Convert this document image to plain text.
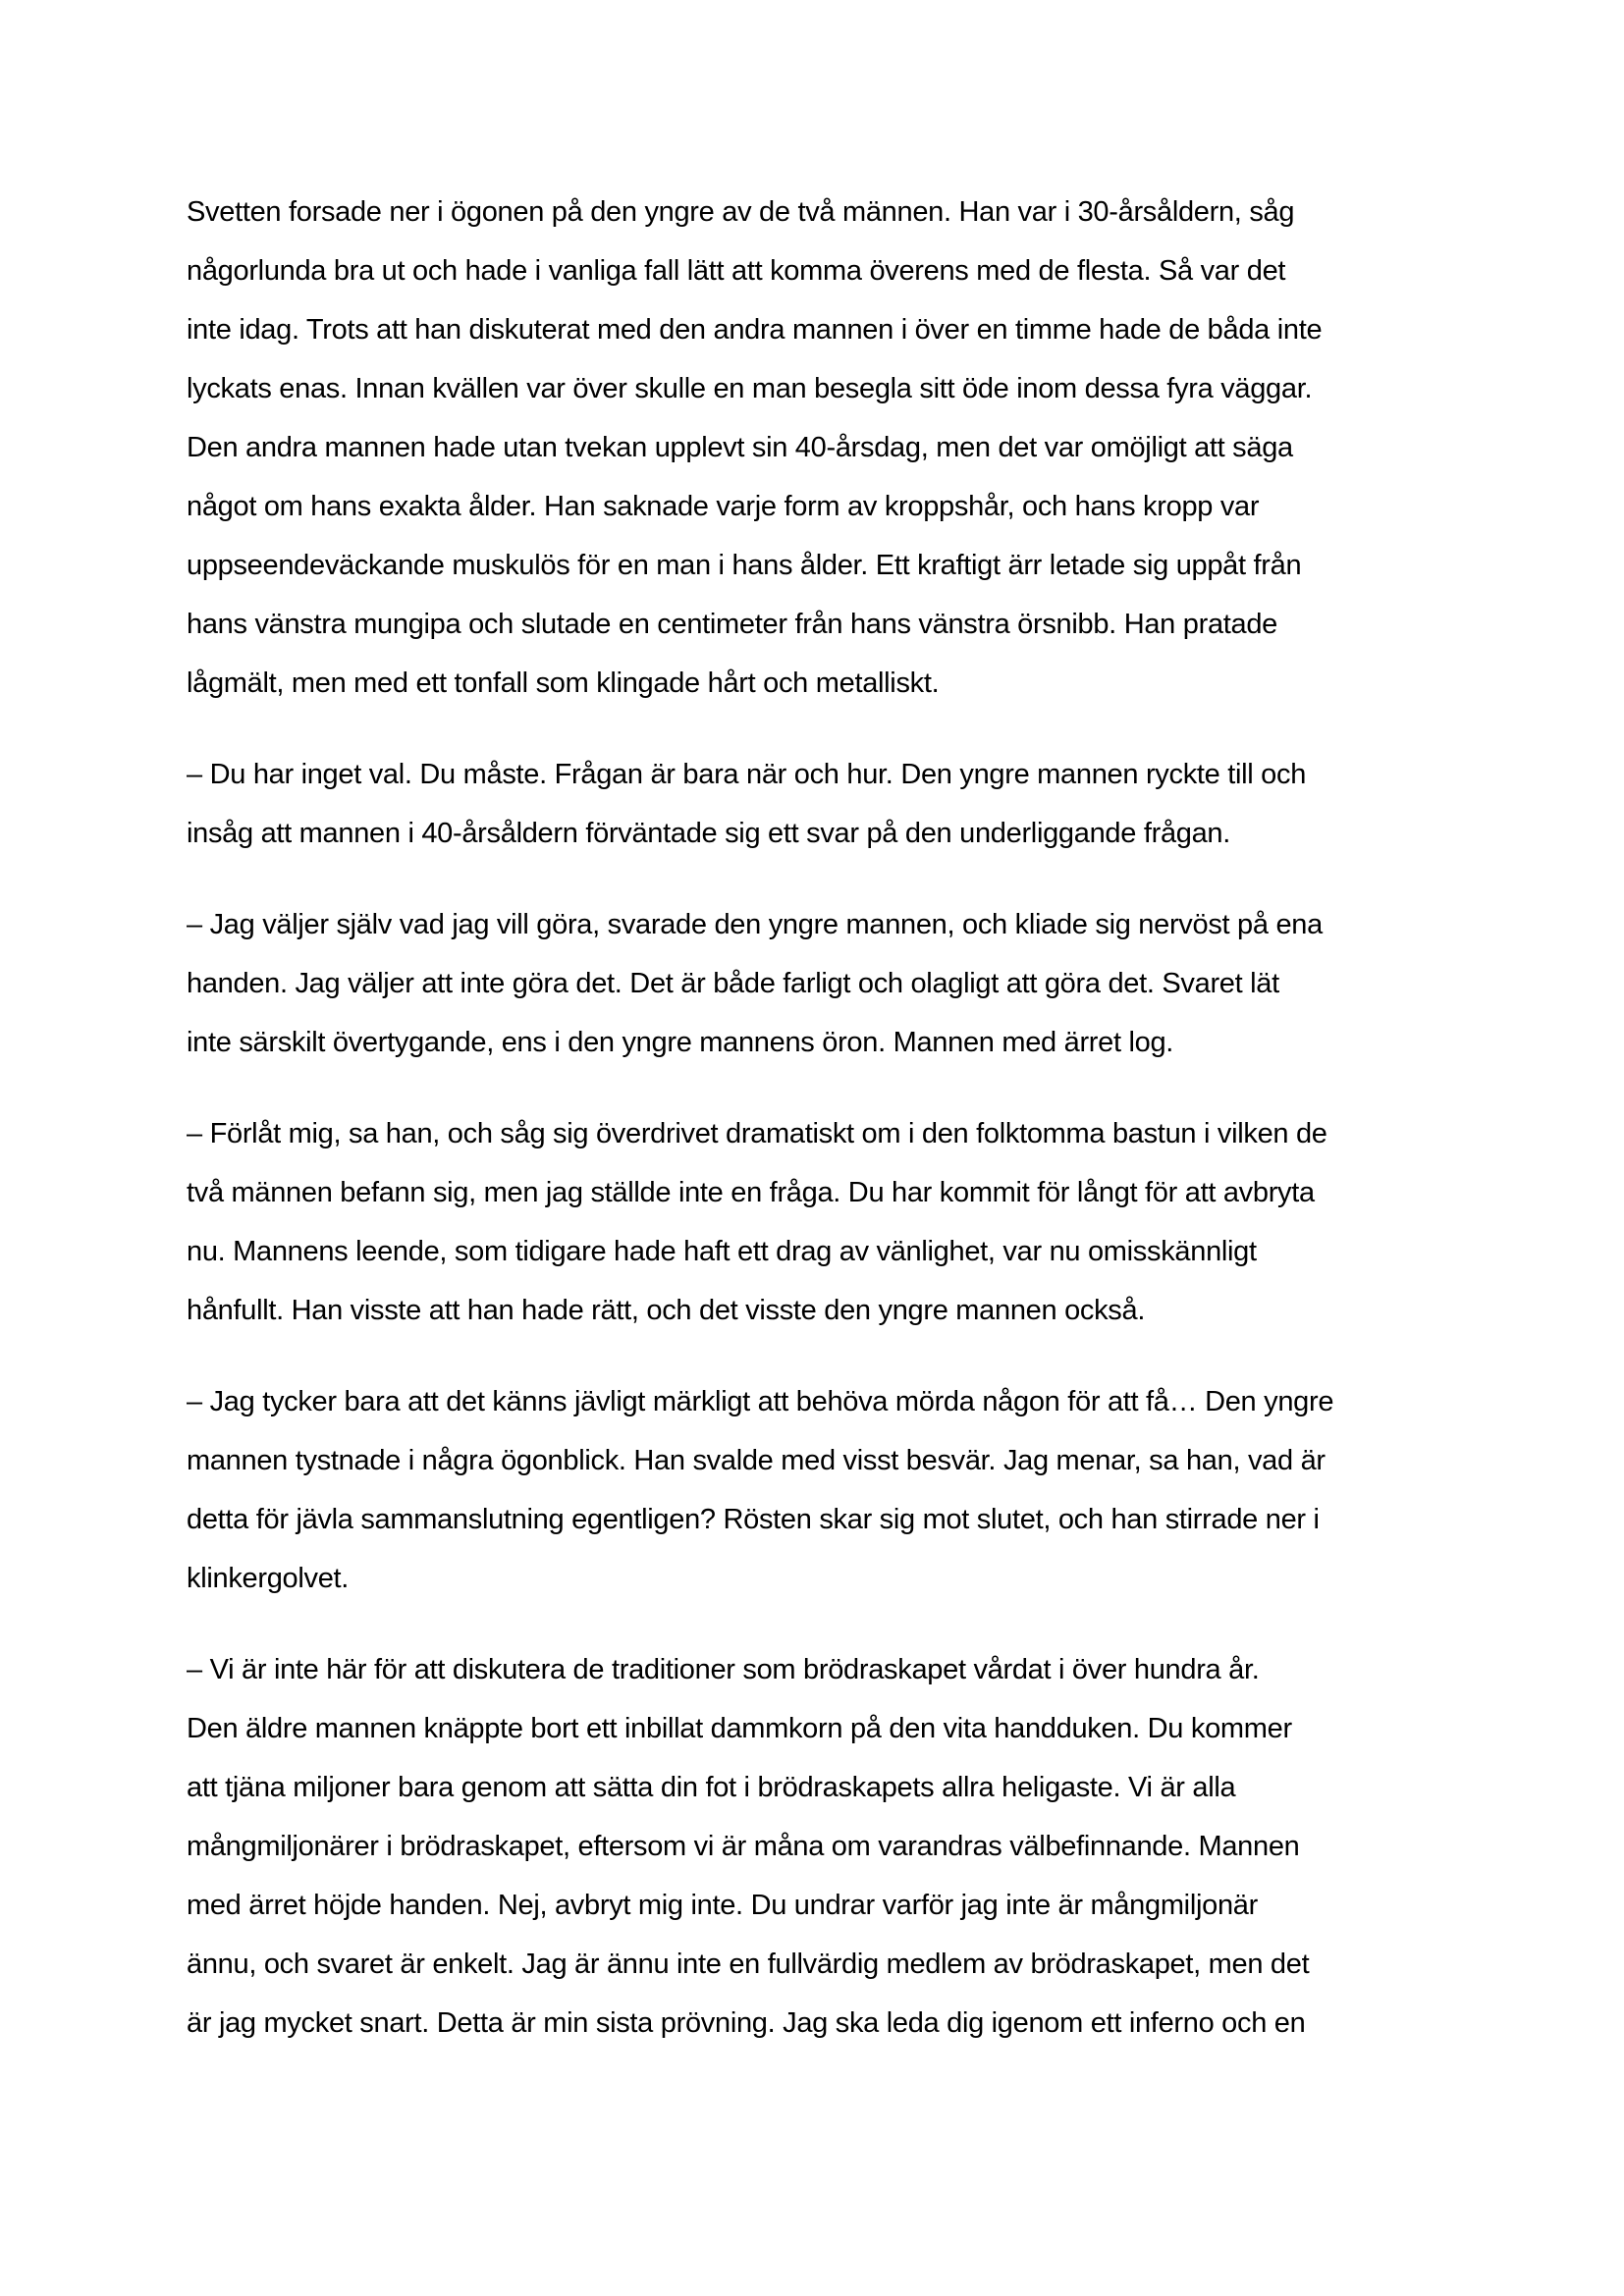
Svetten forsade ner i ögonen på den yngre av de två männen. Han var i 30-årsåldern, såg
någorlunda bra ut och hade i vanliga fall lätt att komma överens med de flesta. Så var det
inte idag. Trots att han diskuterat med den andra mannen i över en timme hade de båda inte
lyckats enas. Innan kvällen var över skulle en man besegla sitt öde inom dessa fyra väggar.
Den andra mannen hade utan tvekan upplevt sin 40-årsdag, men det var omöjligt att säga
något om hans exakta ålder. Han saknade varje form av kroppshår, och hans kropp var
uppseendeväckande muskulös för en man i hans ålder. Ett kraftigt ärr letade sig uppåt från
hans vänstra mungipa och slutade en centimeter från hans vänstra örsnibb. Han pratade
lågmält, men med ett tonfall som klingade hårt och metalliskt.

– Du har inget val. Du måste. Frågan är bara när och hur. Den yngre mannen ryckte till och
insåg att mannen i 40-årsåldern förväntade sig ett svar på den underliggande frågan.

– Jag väljer själv vad jag vill göra, svarade den yngre mannen, och kliade sig nervöst på ena
handen. Jag väljer att inte göra det. Det är både farligt och olagligt att göra det. Svaret lät
inte särskilt övertygande, ens i den yngre mannens öron. Mannen med ärret log.

– Förlåt mig, sa han, och såg sig överdrivet dramatiskt om i den folktomma bastun i vilken de
två männen befann sig, men jag ställde inte en fråga. Du har kommit för långt för att avbryta
nu. Mannens leende, som tidigare hade haft ett drag av vänlighet, var nu omisskännligt
hånfullt. Han visste att han hade rätt, och det visste den yngre mannen också.

– Jag tycker bara att det känns jävligt märkligt att behöva mörda någon för att få… Den yngre
mannen tystnade i några ögonblick. Han svalde med visst besvär. Jag menar, sa han, vad är
detta för jävla sammanslutning egentligen? Rösten skar sig mot slutet, och han stirrade ner i
klinkergolvet.

– Vi är inte här för att diskutera de traditioner som brödraskapet vårdat i över hundra år.
Den äldre mannen knäppte bort ett inbillat dammkorn på den vita handduken. Du kommer
att tjäna miljoner bara genom att sätta din fot i brödraskapets allra heligaste. Vi är alla
mångmiljonärer i brödraskapet, eftersom vi är måna om varandras välbefinnande. Mannen
med ärret höjde handen. Nej, avbryt mig inte. Du undrar varför jag inte är mångmiljonär
ännu, och svaret är enkelt. Jag är ännu inte en fullvärdig medlem av brödraskapet, men det
är jag mycket snart. Detta är min sista prövning. Jag ska leda dig igenom ett inferno och en
